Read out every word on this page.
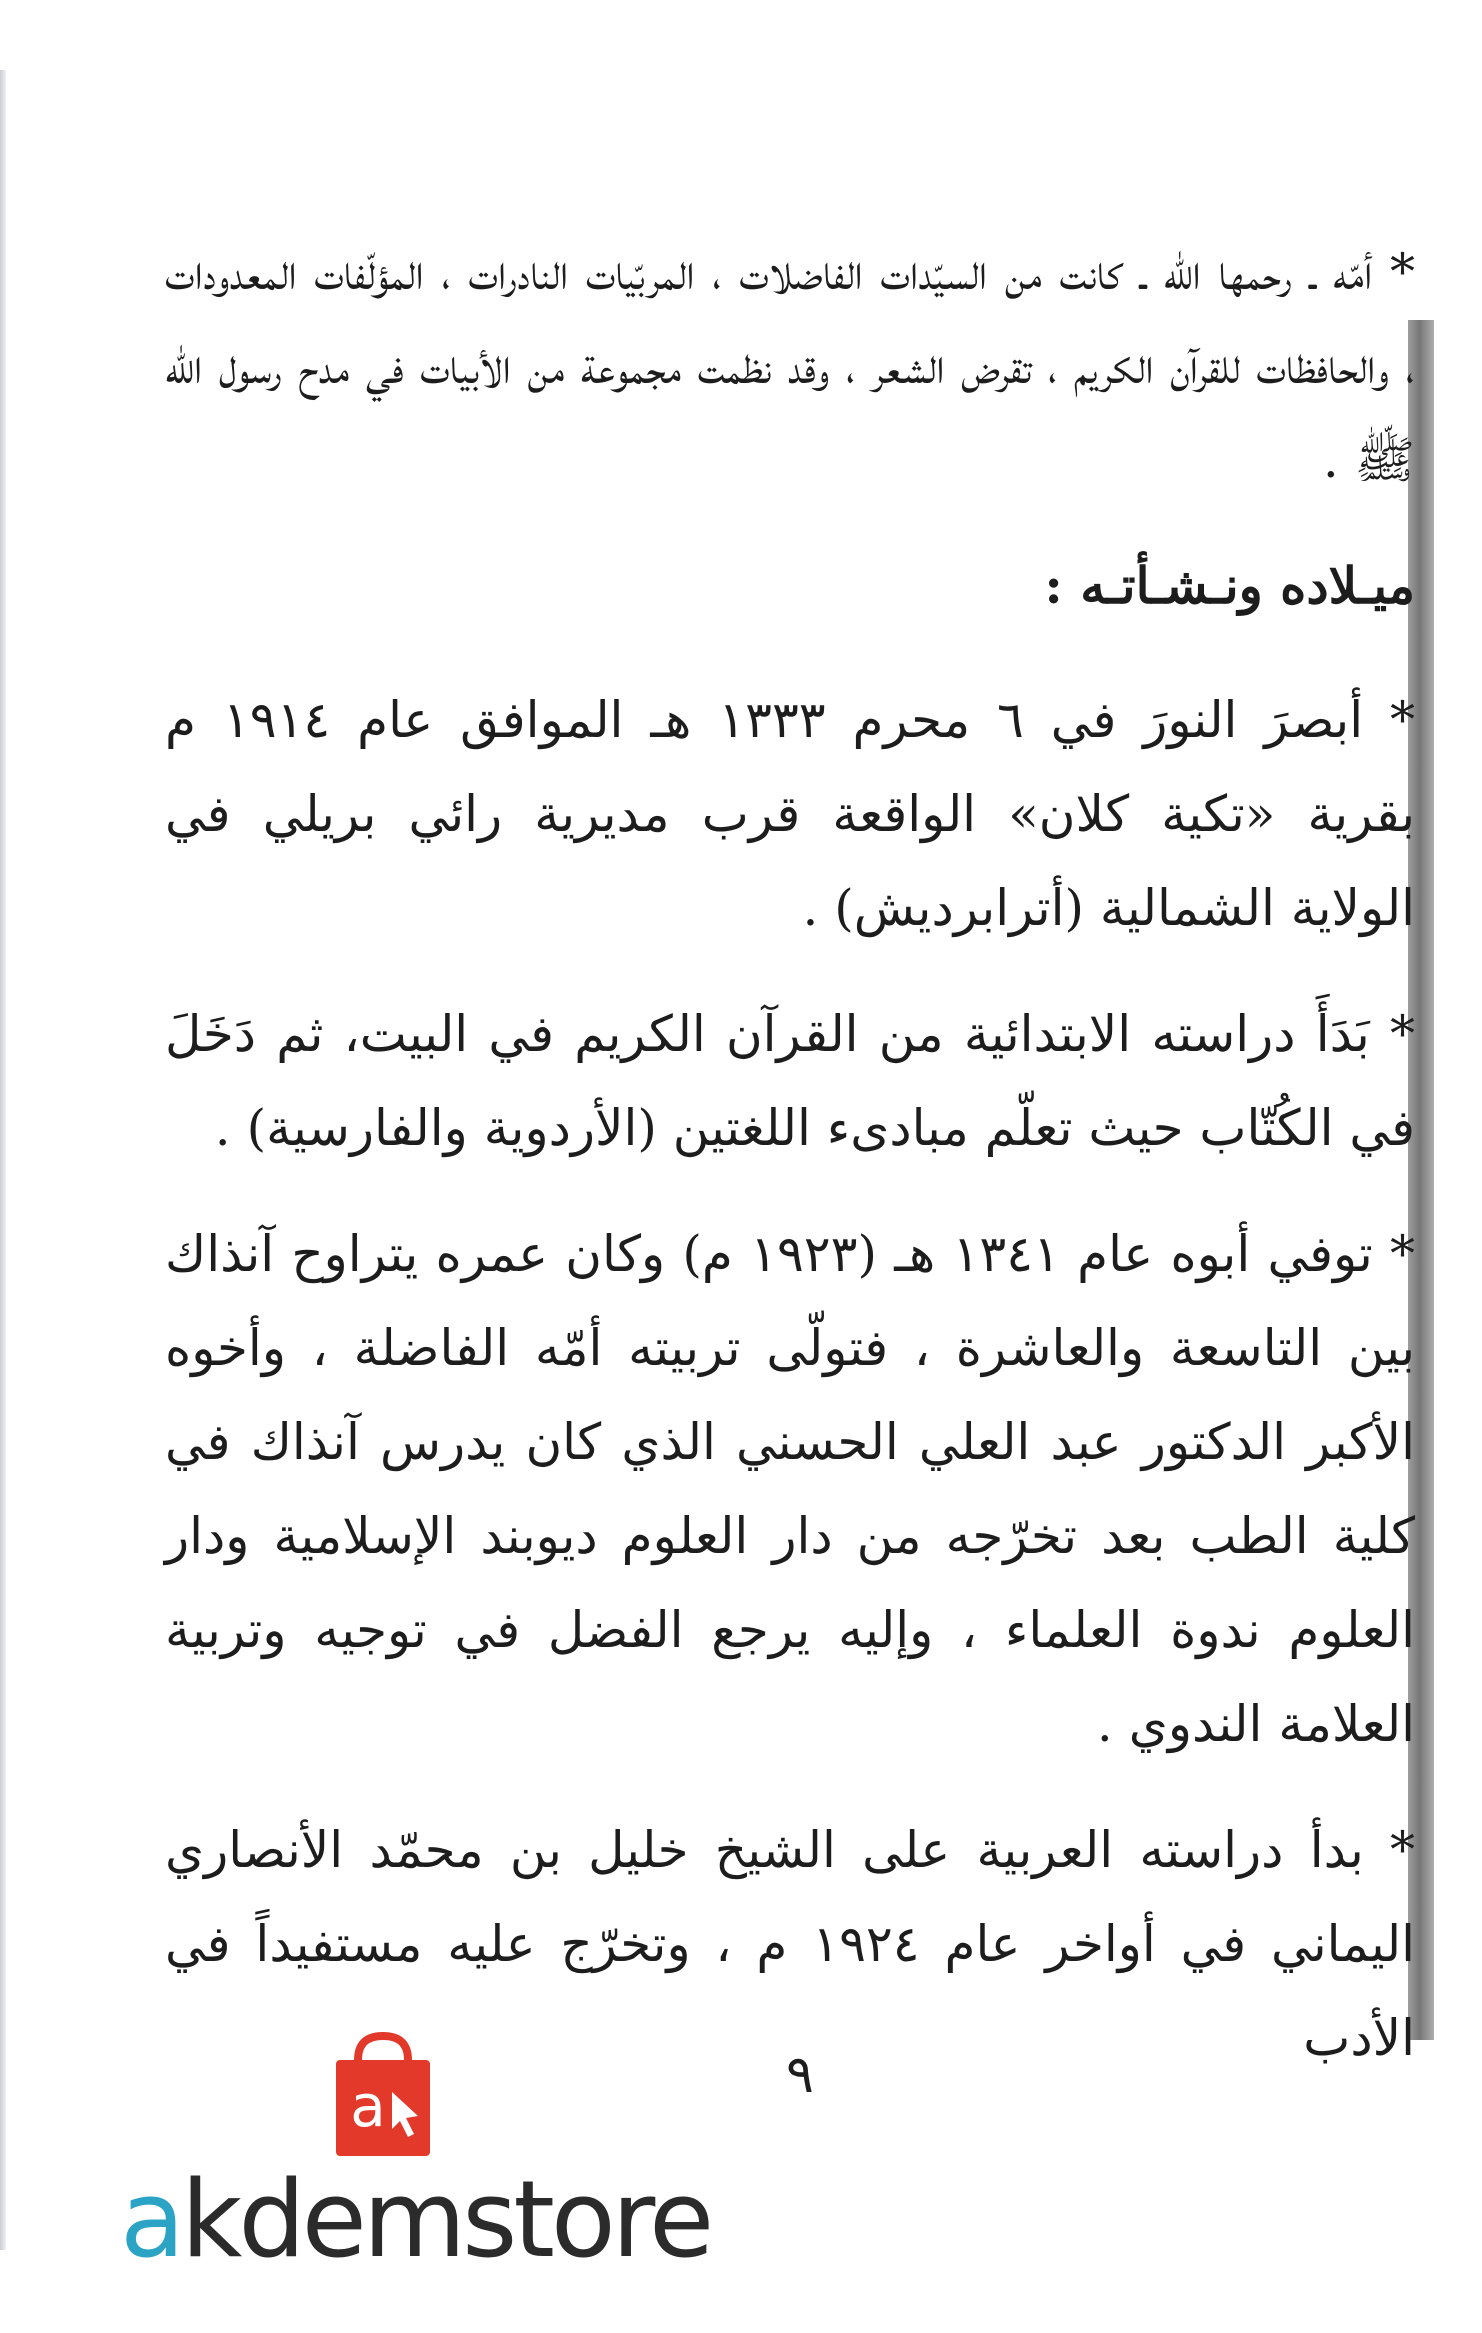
* أمّه ـ رحمها الله ـ كانت من السيّدات الفاضلات ، المربّيات النادرات ، المؤلّفات المعدودات ، والحافظات للقرآن الكريم ، تقرض الشعر ، وقد نظمت مجموعة من الأبيات في مدح رسول الله ﷺ .

ميـلاده ونـشـأتـه :

* أبصرَ النورَ في ٦ محرم ١٣٣٣ هـ الموافق عام ١٩١٤ م بقرية «تكية كلان» الواقعة قرب مديرية رائي بريلي في الولاية الشمالية (أترابرديش) .

* بَدَأَ دراسته الابتدائية من القرآن الكريم في البيت، ثم دَخَلَ في الكُتّاب حيث تعلّم مبادىء اللغتين (الأردوية والفارسية) .

* توفي أبوه عام ١٣٤١ هـ (١٩٢٣ م) وكان عمره يتراوح آنذاك بين التاسعة والعاشرة ، فتولّى تربيته أمّه الفاضلة ، وأخوه الأكبر الدكتور عبد العلي الحسني الذي كان يدرس آنذاك في كلية الطب بعد تخرّجه من دار العلوم ديوبند الإسلامية ودار العلوم ندوة العلماء ، وإليه يرجع الفضل في توجيه وتربية العلامة الندوي .

* بدأ دراسته العربية على الشيخ خليل بن محمّد الأنصاري اليماني في أواخر عام ١٩٢٤ م ، وتخرّج عليه مستفيداً في الأدب

٩
a
akdemstore
